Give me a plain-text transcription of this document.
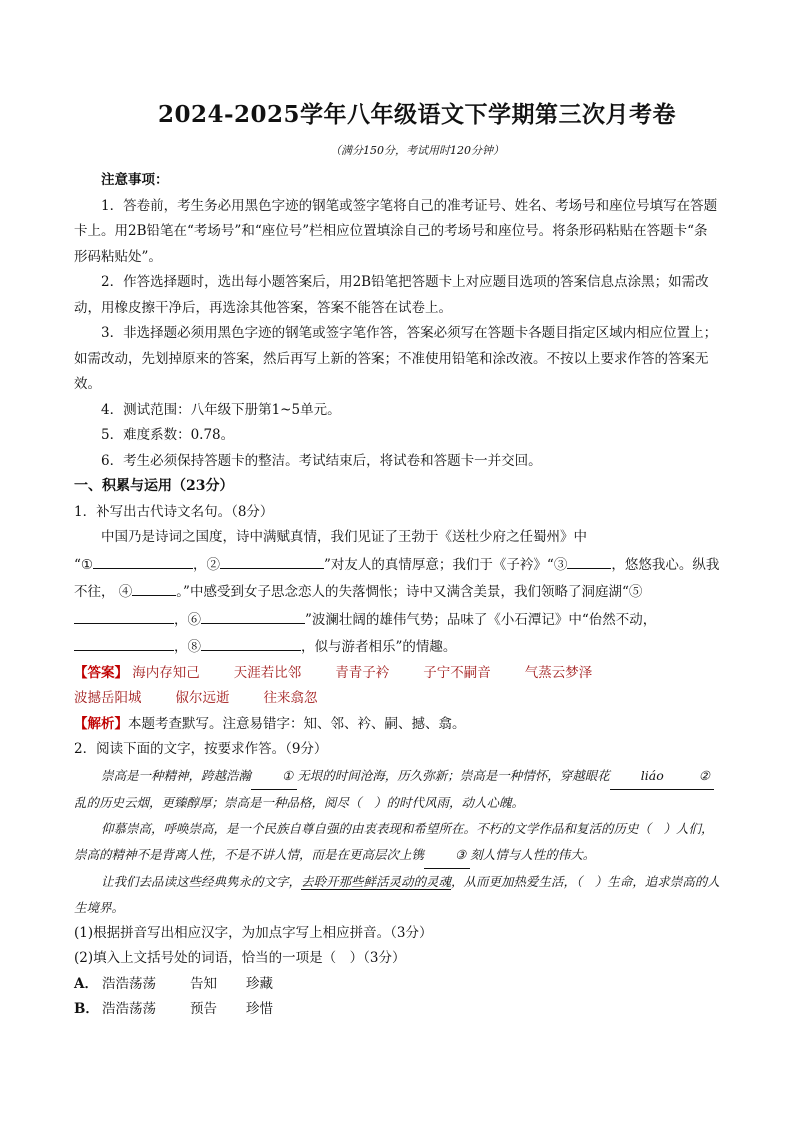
2024-2025学年八年级语文下学期第三次月考卷
（满分150分，考试用时120分钟）

注意事项：

1．答卷前，考生务必用黑色字迹的钢笔或签字笔将自己的准考证号、姓名、考场号和座位号填写在答题卡上。用2B铅笔在“考场号”和“座位号”栏相应位置填涂自己的考场号和座位号。将条形码粘贴在答题卡“条形码粘贴处”。

2．作答选择题时，选出每小题答案后，用2B铅笔把答题卡上对应题目选项的答案信息点涂黑；如需改动，用橡皮擦干净后，再选涂其他答案，答案不能答在试卷上。

3．非选择题必须用黑色字迹的钢笔或签字笔作答，答案必须写在答题卡各题目指定区域内相应位置上；如需改动，先划掉原来的答案，然后再写上新的答案；不准使用铅笔和涂改液。不按以上要求作答的答案无效。

4．测试范围：八年级下册第1~5单元。

5．难度系数：0.78。

6．考生必须保持答题卡的整洁。考试结束后，将试卷和答题卡一并交回。

一、积累与运用（23分）

1．补写出古代诗文名句。（8分）

中国乃是诗词之国度，诗中满赋真情，我们见证了王勃于《送杜少府之任蜀州》中

“①	，②	”对友人的真情厚意；我们于《子衿》“③	，悠悠我心。纵我不往， ④	。”中感受到女子思念恋人的失落惆怅；诗中又满含美景，我们领略了洞庭湖“⑤，⑥	”波澜壮阔的雄伟气势；品味了《小石潭记》中“佁然不动，，⑧	，似与游者相乐”的情趣。

【答案】 海内存知己	天涯若比邻	青青子衿	子宁不嗣音	气蒸云梦泽波撼岳阳城	俶尔远逝	往来翕忽

【解析】本题考查默写。注意易错字：知、邻、衿、嗣、撼、翕。

2．阅读下面的文字，按要求作答。（9分）

崇高是一种精神，跨越浩瀚 ① 无垠的时间沧海，历久弥新；崇高是一种情怀，穿越眼花 liáo	②乱的历史云烟，更臻醇厚；崇高是一种品格，阅尽（　）的时代风雨，动人心魄。

仰慕崇高，呼唤崇高，是一个民族自尊自强的由衷表现和希望所在。不朽的文学作品和复活的历史（　）人们，崇高的精神不是背离人性，不是不讲人情，而是在更高层次上镌 ③ 刻人情与人性的伟大。

让我们去品读这些经典隽永的文字，去聆开那些鲜活灵动的灵魂，从而更加热爱生活，（　）生命，追求崇高的人生境界。

(1)根据拼音写出相应汉字，为加点字写上相应拼音。（3分）

(2)填入上文括号处的词语，恰当的一项是（　）（3分）

A． 浩浩荡荡	告知 珍藏

B． 浩浩荡荡	预告 珍惜
